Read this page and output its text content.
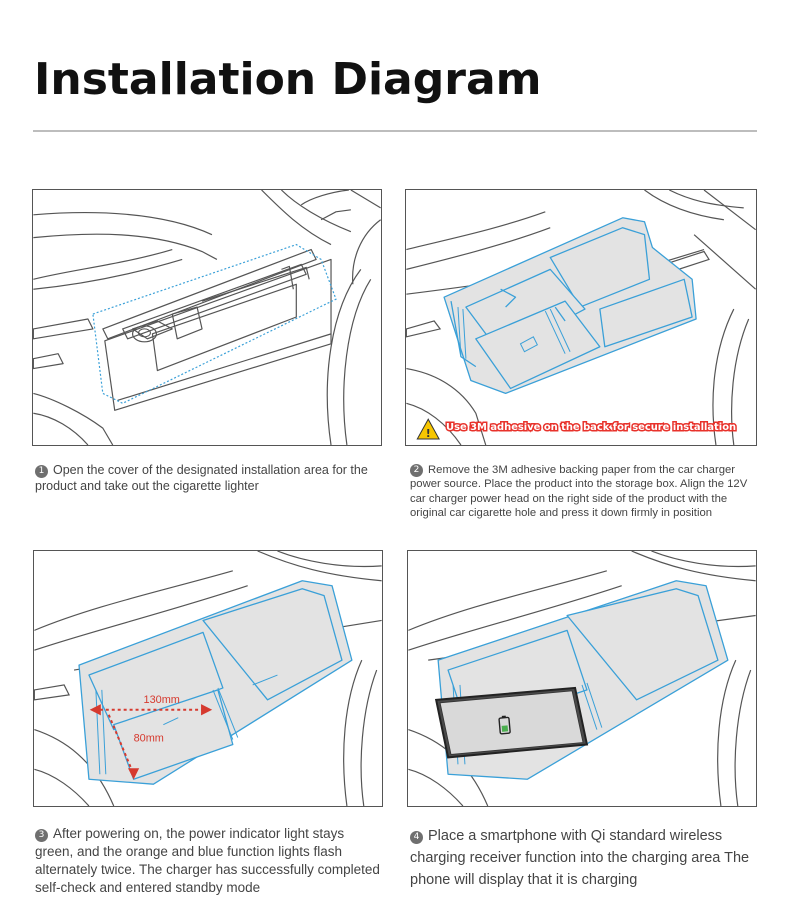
Installation Diagram
! Use 3M adhesive on the back for secure installation
130mm
80mm
1 Open the cover of the designated installation area for the product and take out the cigarette lighter
2 Remove the 3M adhesive backing paper from the car charger power source. Place the product into the storage box. Align the 12V car charger power head on the right side of the product with the original car cigarette hole and press it down firmly in position
3 After powering on, the power indicator light stays green, and the orange and blue function lights flash alternately twice. The charger has successfully completed self-check and entered standby mode
4 Place a smartphone with Qi standard wireless charging receiver function into the charging area The phone will display that it is charging
